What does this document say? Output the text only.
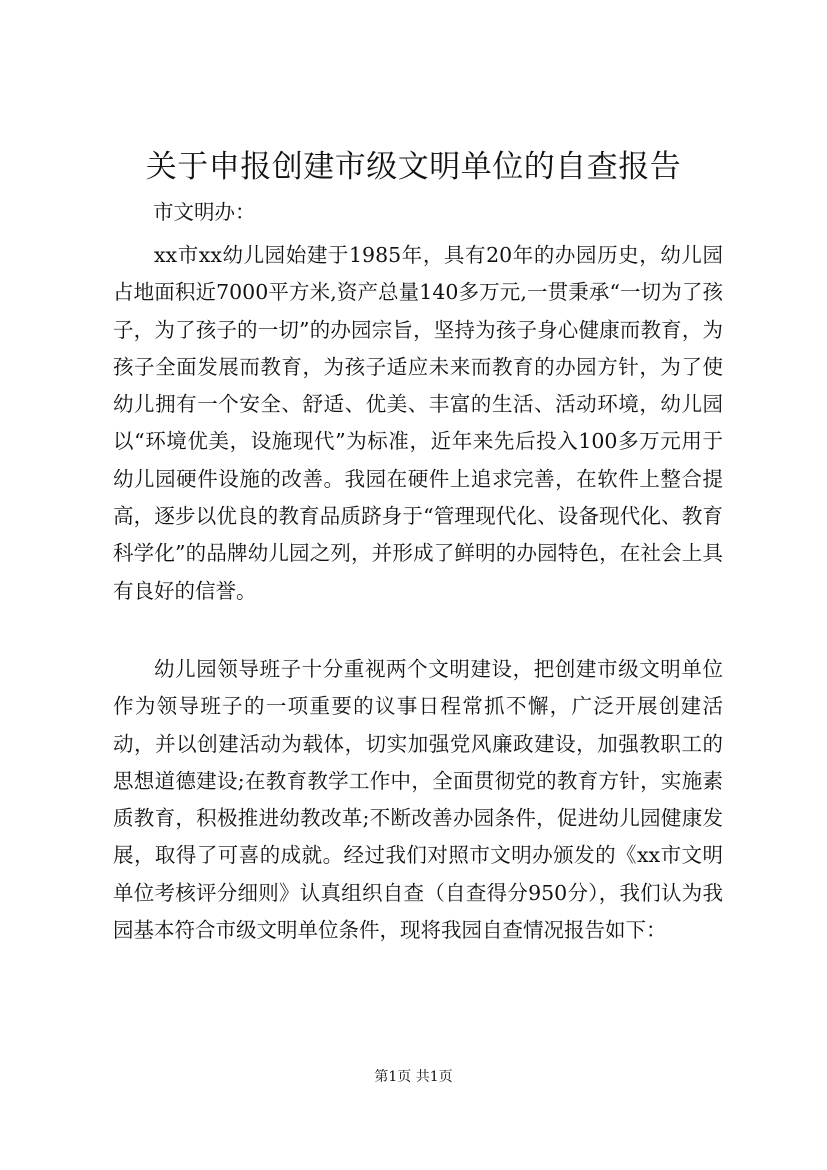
关于申报创建市级文明单位的自查报告

市文明办：

xx市xx幼儿园始建于1985年，具有20年的办园历史，幼儿园占地面积近7000平方米,资产总量140多万元,一贯秉承“一切为了孩子，为了孩子的一切”的办园宗旨，坚持为孩子身心健康而教育，为孩子全面发展而教育，为孩子适应未来而教育的办园方针，为了使幼儿拥有一个安全、舒适、优美、丰富的生活、活动环境，幼儿园以“环境优美，设施现代”为标准，近年来先后投入100多万元用于幼儿园硬件设施的改善。我园在硬件上追求完善，在软件上整合提高，逐步以优良的教育品质跻身于“管理现代化、设备现代化、教育科学化”的品牌幼儿园之列，并形成了鲜明的办园特色，在社会上具有良好的信誉。

幼儿园领导班子十分重视两个文明建设，把创建市级文明单位作为领导班子的一项重要的议事日程常抓不懈，广泛开展创建活动，并以创建活动为载体，切实加强党风廉政建设，加强教职工的思想道德建设;在教育教学工作中，全面贯彻党的教育方针，实施素质教育，积极推进幼教改革;不断改善办园条件，促进幼儿园健康发展，取得了可喜的成就。经过我们对照市文明办颁发的《xx市文明单位考核评分细则》认真组织自查（自查得分950分），我们认为我园基本符合市级文明单位条件，现将我园自查情况报告如下：

第1页 共1页
